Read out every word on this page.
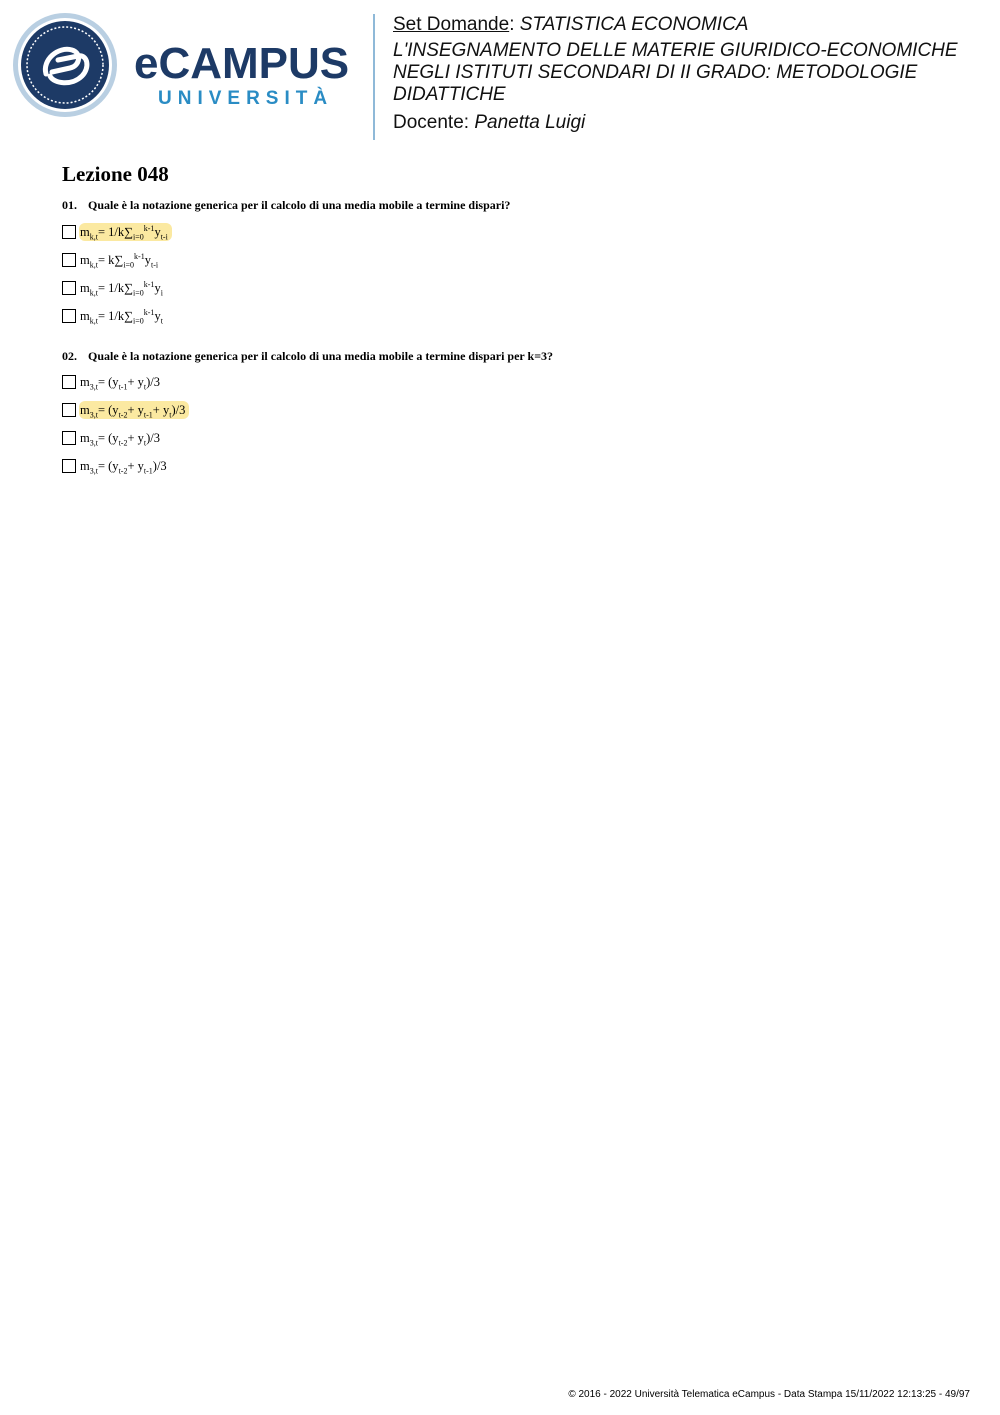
eCAMPUS
UNIVERSITÀ

Set Domande: STATISTICA ECONOMICA

L'INSEGNAMENTO DELLE MATERIE GIURIDICO-ECONOMICHE NEGLI ISTITUTI SECONDARI DI II GRADO: METODOLOGIE DIDATTICHE

Docente: Panetta Luigi

Lezione 048
01. Quale è la notazione generica per il calcolo di una media mobile a termine dispari?
$m_{k,t}= 1/k\sum_{i=0}^{k-1}y_{t-i}$
$m_{k,t}= k\sum_{i=0}^{k-1}y_{t-i}$
$m_{k,t}= 1/k\sum_{i=0}^{k-1}y_i$
$m_{k,t}= 1/k\sum_{i=0}^{k-1}y_t$
02. Quale è la notazione generica per il calcolo di una media mobile a termine dispari per k=3?
$m_{3,t}= (y_{t-1}+ y_t)/3$
$m_{3,t}= (y_{t-2}+ y_{t-1}+ y_t)/3$
$m_{3,t}= (y_{t-2}+ y_t)/3$
$m_{3,t}= (y_{t-2}+ y_{t-1})/3$
© 2016 - 2022 Università Telematica eCampus - Data Stampa 15/11/2022 12:13:25 - 49/97
